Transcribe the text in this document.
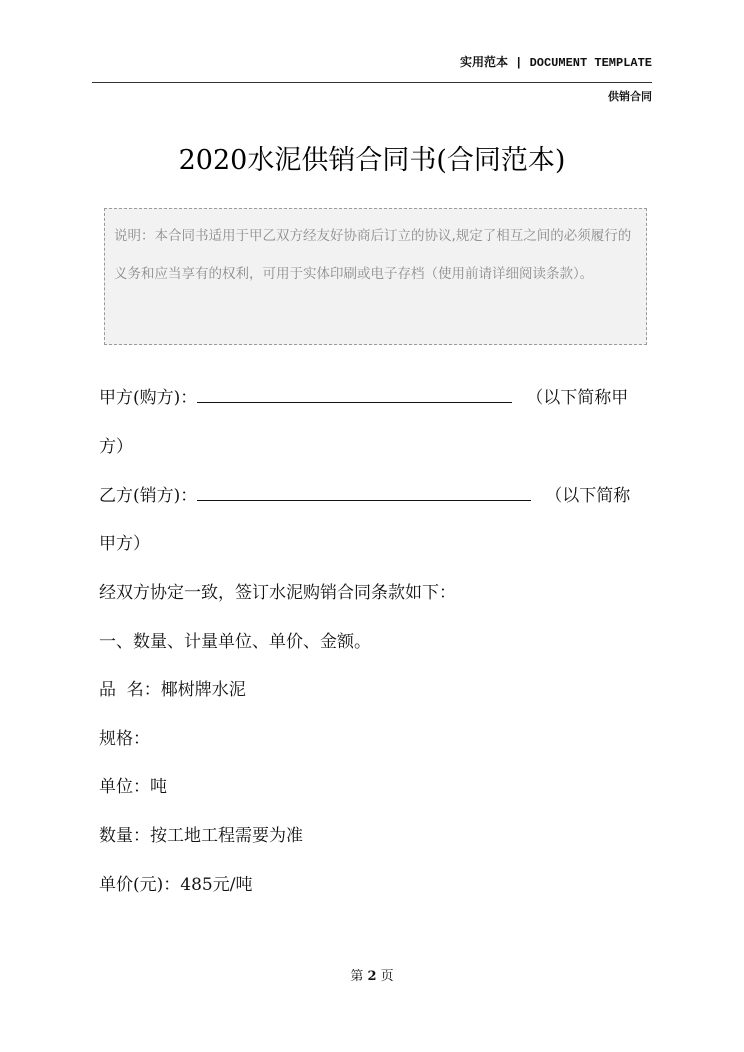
实用范本 | DOCUMENT TEMPLATE
供销合同
2020水泥供销合同书(合同范本)
说明：本合同书适用于甲乙双方经友好协商后订立的协议,规定了相互之间的必须履行的义务和应当享有的权利，可用于实体印刷或电子存档（使用前请详细阅读条款）。
甲方(购方)：	（以下简称甲
方）
乙方(销方)：	（以下简称
甲方）
经双方协定一致，签订水泥购销合同条款如下：
一、数量、计量单位、单价、金额。
品  名：椰树牌水泥
规格：
单位：吨
数量：按工地工程需要为准
单价(元)：485元/吨
第 2 页
